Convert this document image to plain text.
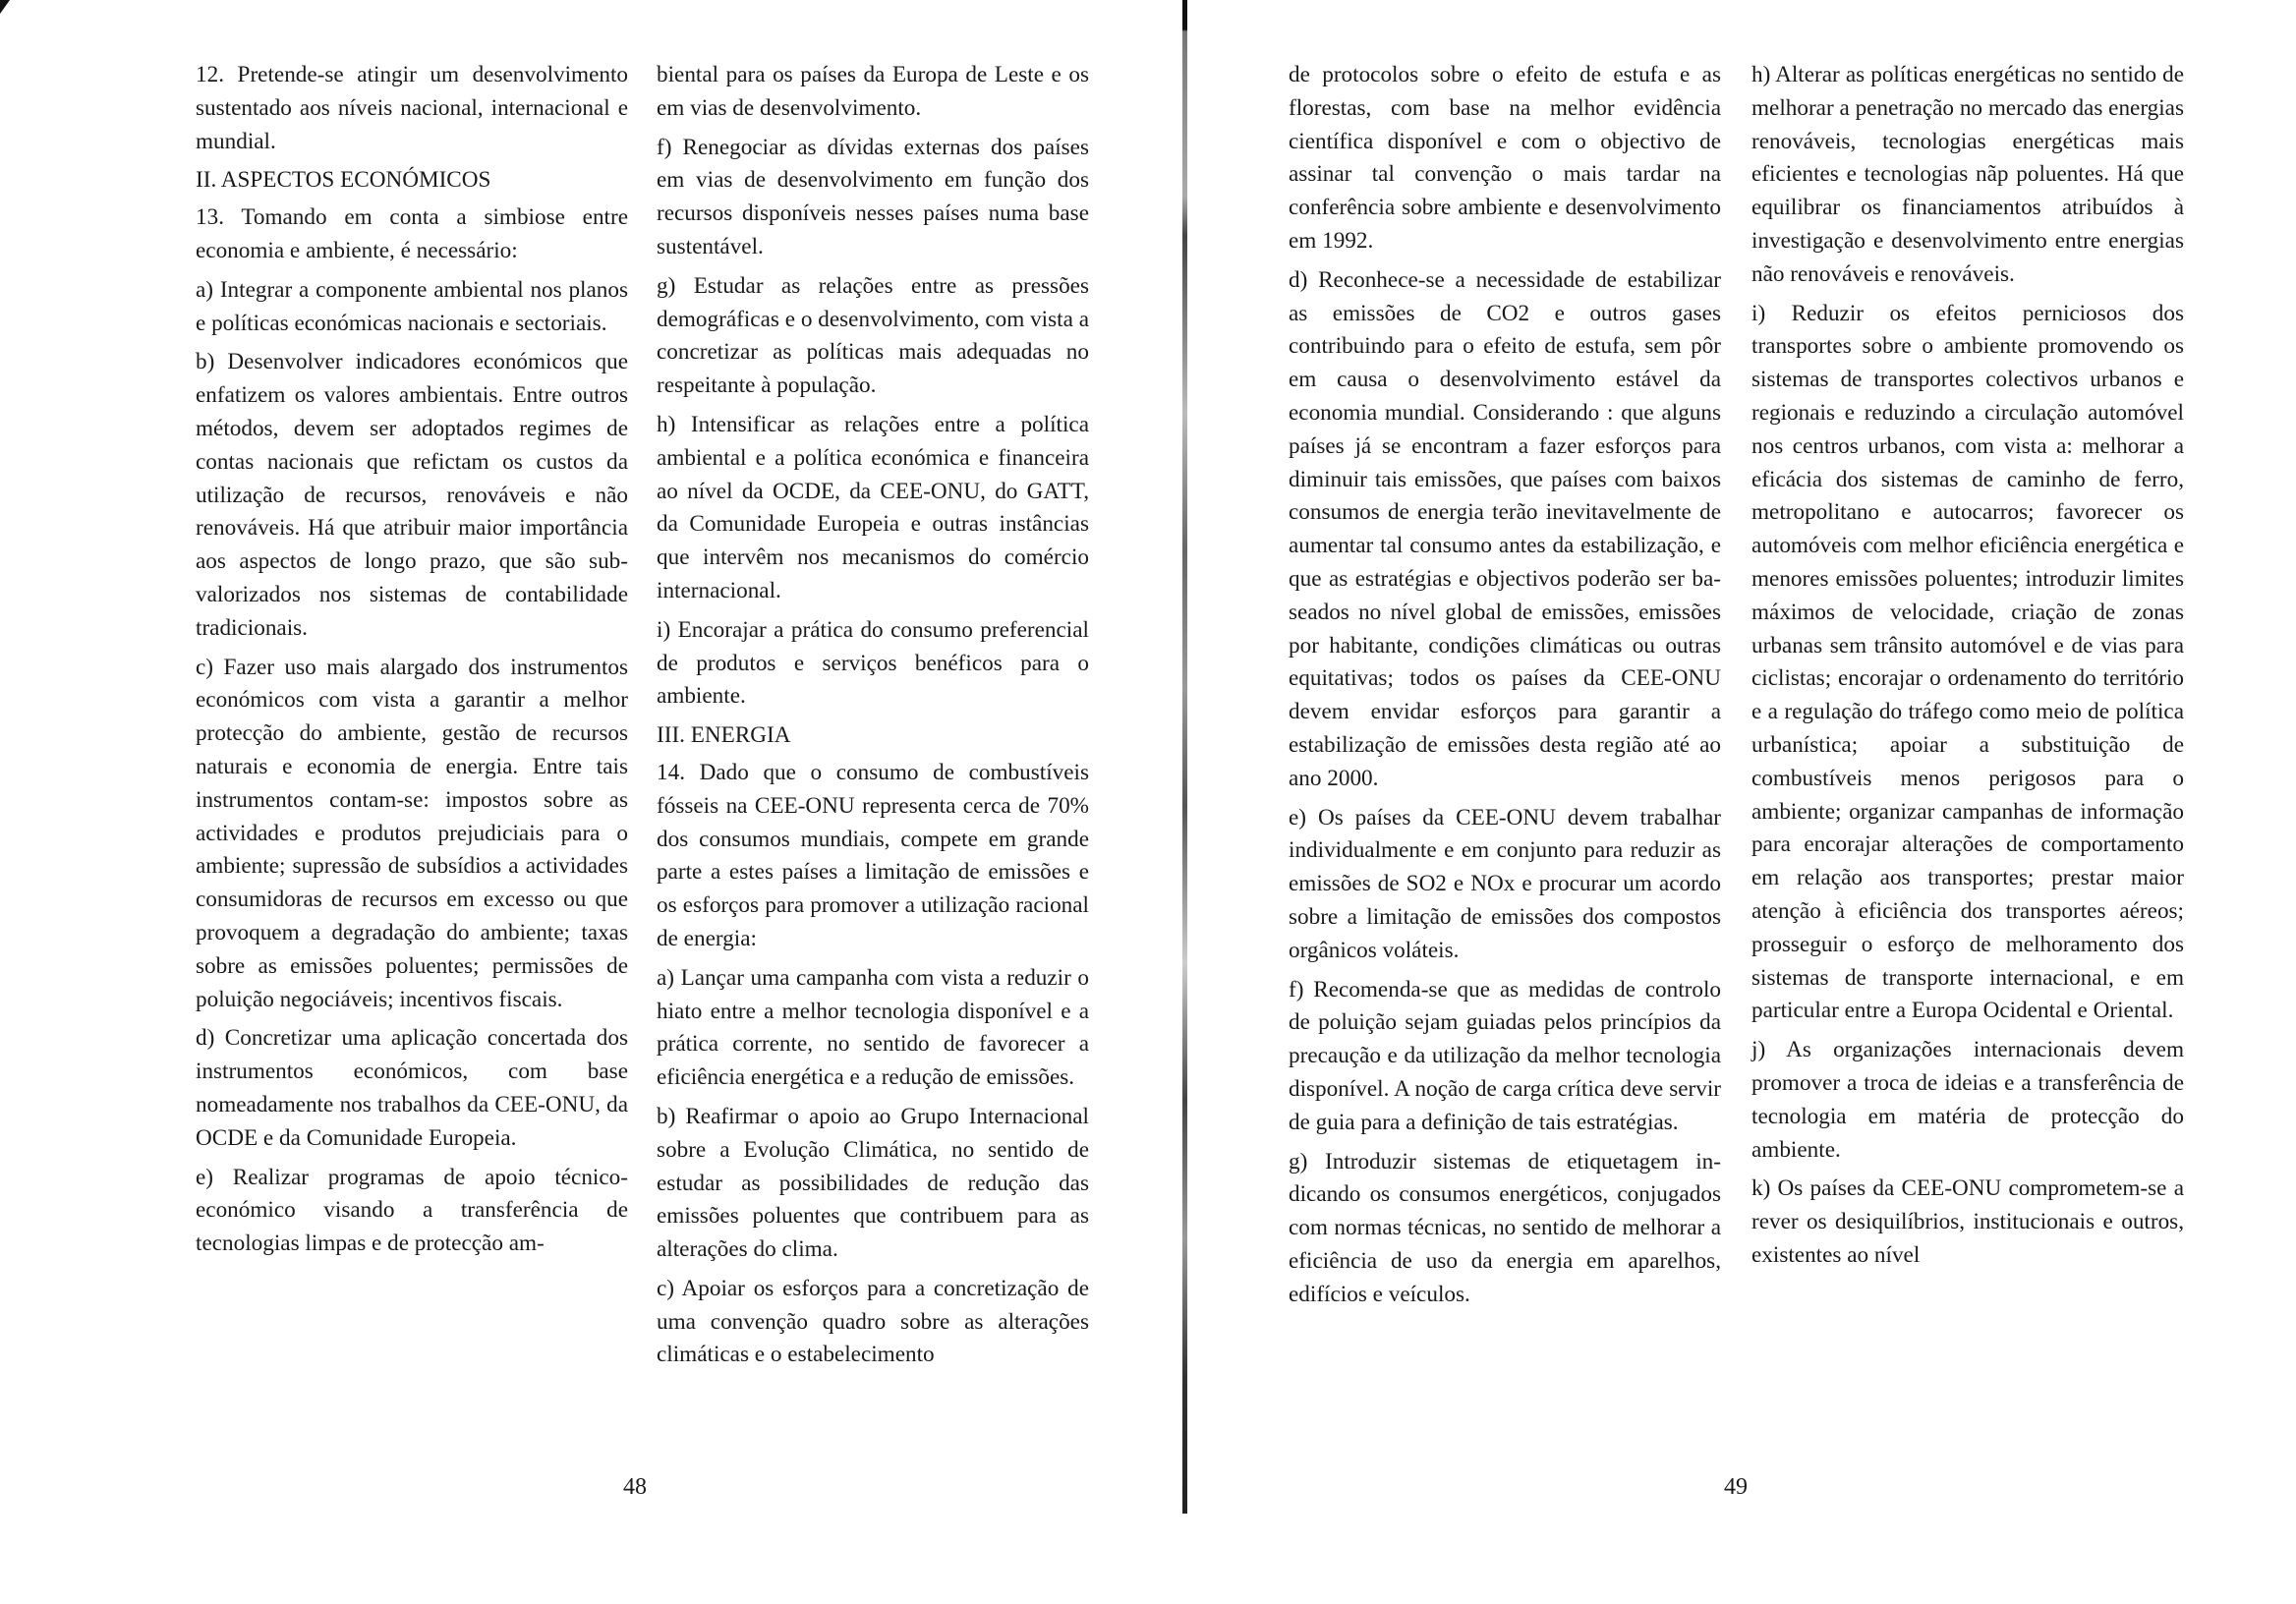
12. Pretende-se atingir um desenvolvimento sustentado aos níveis nacional, internacional e mundial.

II. ASPECTOS ECONÓMICOS

13. Tomando em conta a simbiose entre economia e ambiente, é necessário:

a) Integrar a componente ambiental nos planos e políticas económicas nacionais e sectoriais.

b) Desenvolver indicadores económicos que enfatizem os valores ambientais. Entre outros métodos, devem ser adoptados regimes de contas nacionais que refictam os custos da utilização de recursos, renováveis e não renováveis. Há que atribuir maior importância aos aspectos de longo prazo, que são sub-valorizados nos sistemas de contabilidade tradicionais.

c) Fazer uso mais alargado dos instrumentos económicos com vista a garantir a melhor protecção do ambiente, gestão de recursos naturais e economia de energia. Entre tais instrumentos contam-se: impostos sobre as actividades e produtos prejudiciais para o ambiente; supressão de subsídios a actividades consumidoras de recursos em excesso ou que provoquem a degradação do ambiente; taxas sobre as emissões poluentes; permissões de poluição negociáveis; incentivos fiscais.

d) Concretizar uma aplicação concertada dos instrumentos económicos, com base nomeadamente nos trabalhos da CEE-ONU, da OCDE e da Comunidade Europeia.

e) Realizar programas de apoio técnico-económico visando a transferência de tecnologias limpas e de protecção am-

biental para os países da Europa de Leste e os em vias de desenvolvimento.

f) Renegociar as dívidas externas dos países em vias de desenvolvimento em função dos recursos disponíveis nesses países numa base sustentável.

g) Estudar as relações entre as pressões demográficas e o desenvolvimento, com vista a concretizar as políticas mais adequadas no respeitante à população.

h) Intensificar as relações entre a política ambiental e a política económica e financeira ao nível da OCDE, da CEE-ONU, do GATT, da Comunidade Europeia e outras instâncias que intervêm nos mecanismos do comércio internacional.

i) Encorajar a prática do consumo preferencial de produtos e serviços benéficos para o ambiente.

III. ENERGIA

14. Dado que o consumo de combustíveis fósseis na CEE-ONU representa cerca de 70% dos consumos mundiais, compete em grande parte a estes países a limitação de emissões e os esforços para promover a utilização racional de energia:

a) Lançar uma campanha com vista a reduzir o hiato entre a melhor tecnologia disponível e a prática corrente, no sentido de favorecer a eficiência energética e a redução de emissões.

b) Reafirmar o apoio ao Grupo Internacional sobre a Evolução Climática, no sentido de estudar as possibilidades de redução das emissões poluentes que contribuem para as alterações do clima.

c) Apoiar os esforços para a concretização de uma convenção quadro sobre as alterações climáticas e o estabelecimento

48

de protocolos sobre o efeito de estufa e as florestas, com base na melhor evidência científica disponível e com o objectivo de assinar tal convenção o mais tardar na conferência sobre ambiente e desenvolvimento em 1992.

d) Reconhece-se a necessidade de estabilizar as emissões de CO2 e outros gases contribuindo para o efeito de estufa, sem pôr em causa o desenvolvimento estável da economia mundial. Considerando : que alguns países já se encontram a fazer esforços para diminuir tais emissões, que países com baixos consumos de energia terão inevitavelmente de aumentar tal consumo antes da estabilização, e que as estratégias e objectivos poderão ser baseados no nível global de emissões, emissões por habitante, condições climáticas ou outras equitativas; todos os países da CEE-ONU devem envidar esforços para garantir a estabilização de emissões desta região até ao ano 2000.

e) Os países da CEE-ONU devem trabalhar individualmente e em conjunto para reduzir as emissões de SO2 e NOx e procurar um acordo sobre a limitação de emissões dos compostos orgânicos voláteis.

f) Recomenda-se que as medidas de controlo de poluição sejam guiadas pelos princípios da precaução e da utilização da melhor tecnologia disponível. A noção de carga crítica deve servir de guia para a definição de tais estratégias.

g) Introduzir sistemas de etiquetagem indicando os consumos energéticos, conjugados com normas técnicas, no sentido de melhorar a eficiência de uso da energia em aparelhos, edifícios e veículos.

h) Alterar as políticas energéticas no sentido de melhorar a penetração no mercado das energias renováveis, tecnologias energéticas mais eficientes e tecnologias nãp poluentes. Há que equilibrar os financiamentos atribuídos à investigação e desenvolvimento entre energias não renováveis e renováveis.

i) Reduzir os efeitos perniciosos dos transportes sobre o ambiente promovendo os sistemas de transportes colectivos urbanos e regionais e reduzindo a circulação automóvel nos centros urbanos, com vista a: melhorar a eficácia dos sistemas de caminho de ferro, metropolitano e autocarros; favorecer os automóveis com melhor eficiência energética e menores emissões poluentes; introduzir limites máximos de velocidade, criação de zonas urbanas sem trânsito automóvel e de vias para ciclistas; encorajar o ordenamento do território e a regulação do tráfego como meio de política urbanística; apoiar a substituição de combustíveis menos perigosos para o ambiente; organizar campanhas de informação para encorajar alterações de comportamento em relação aos transportes; prestar maior atenção à eficiência dos transportes aéreos; prosseguir o esforço de melhoramento dos sistemas de transporte internacional, e em particular entre a Europa Ocidental e Oriental.

j) As organizações internacionais devem promover a troca de ideias e a transferência de tecnologia em matéria de protecção do ambiente.

k) Os países da CEE-ONU comprometem-se a rever os desiquilíbrios, institucionais e outros, existentes ao nível

49
